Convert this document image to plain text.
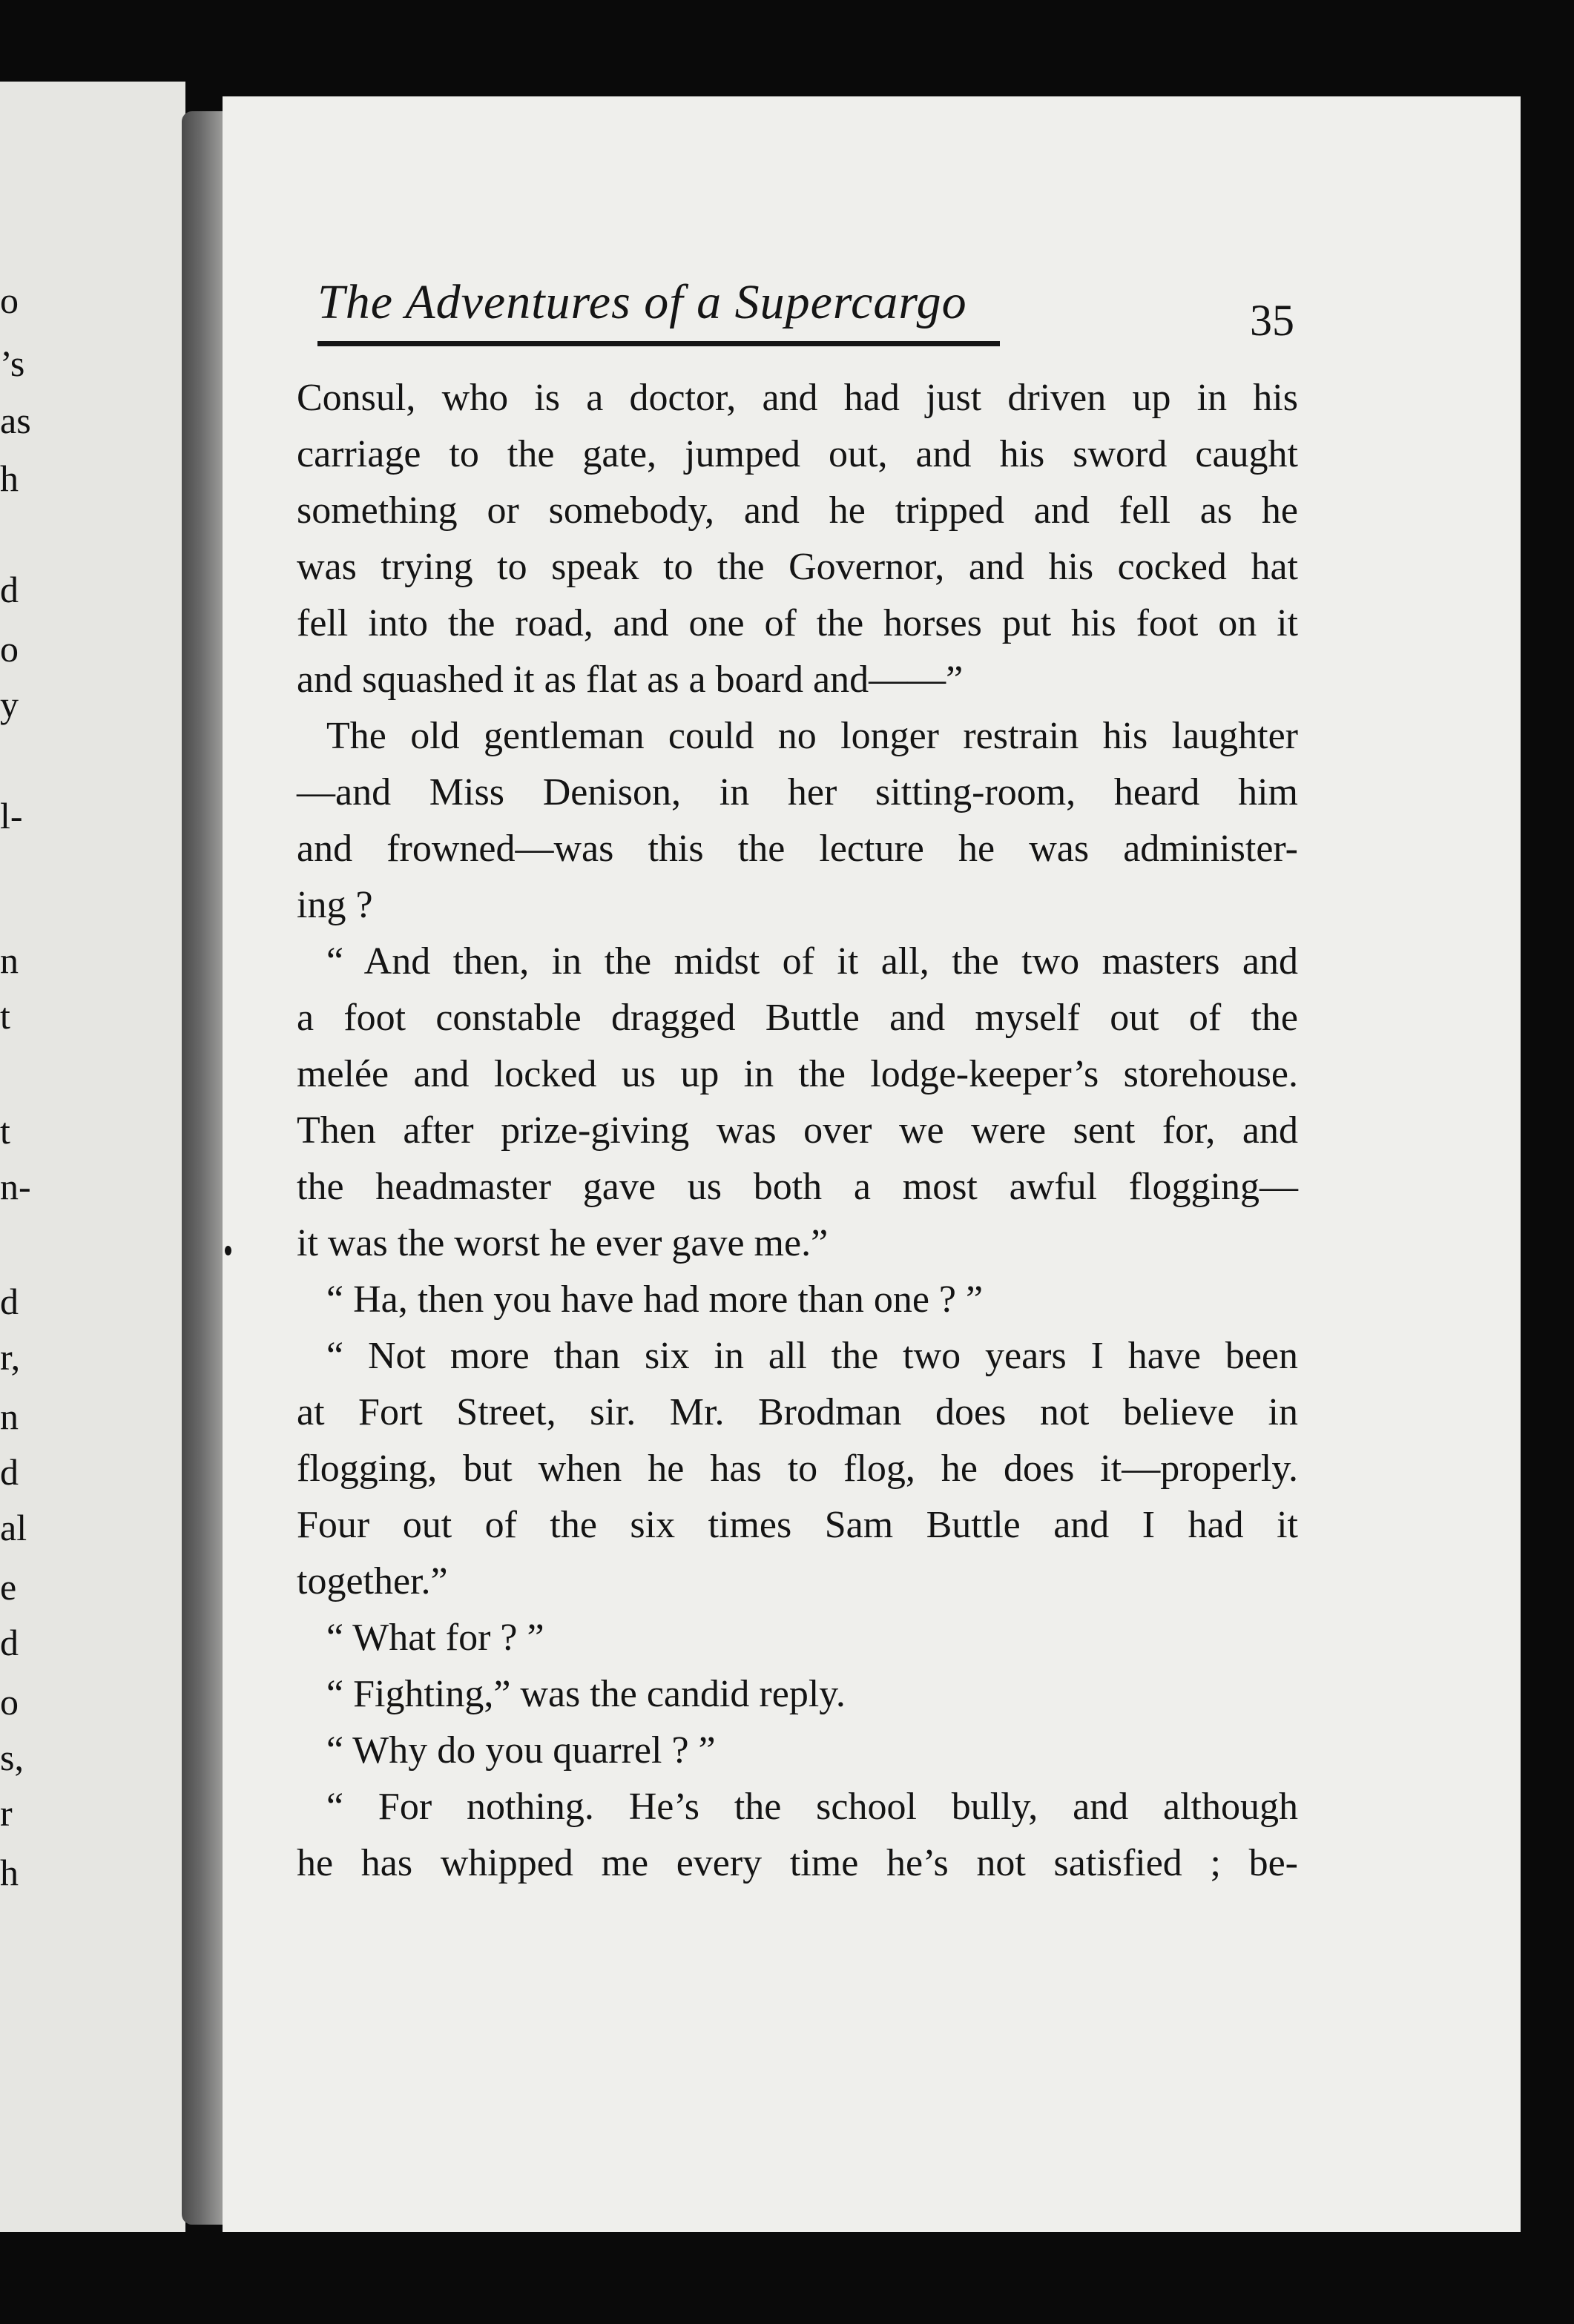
o
’s
as
h
d
o
y
l-
n
t
t
n-
d
r,
n
d
al
e
d
o
s,
r
h
The Adventures of a Supercargo	35
Consul, who is a doctor, and had just driven up in his
carriage to the gate, jumped out, and his sword caught
something or somebody, and he tripped and fell as he
was trying to speak to the Governor, and his cocked hat
fell into the road, and one of the horses put his foot on it
and squashed it as flat as a board and——”
The old gentleman could no longer restrain his laughter
—and Miss Denison, in her sitting-room, heard him
and frowned—was this the lecture he was administer-
ing ?
“ And then, in the midst of it all, the two masters and
a foot constable dragged Buttle and myself out of the
melée and locked us up in the lodge-keeper’s storehouse.
Then after prize-giving was over we were sent for, and
the headmaster gave us both a most awful flogging—
it was the worst he ever gave me.”
“ Ha, then you have had more than one ? ”
“ Not more than six in all the two years I have been
at Fort Street, sir. Mr. Brodman does not believe in
flogging, but when he has to flog, he does it—properly.
Four out of the six times Sam Buttle and I had it
together.”
“ What for ? ”
“ Fighting,” was the candid reply.
“ Why do you quarrel ? ”
“ For nothing. He’s the school bully, and although
he has whipped me every time he’s not satisfied ; be-
